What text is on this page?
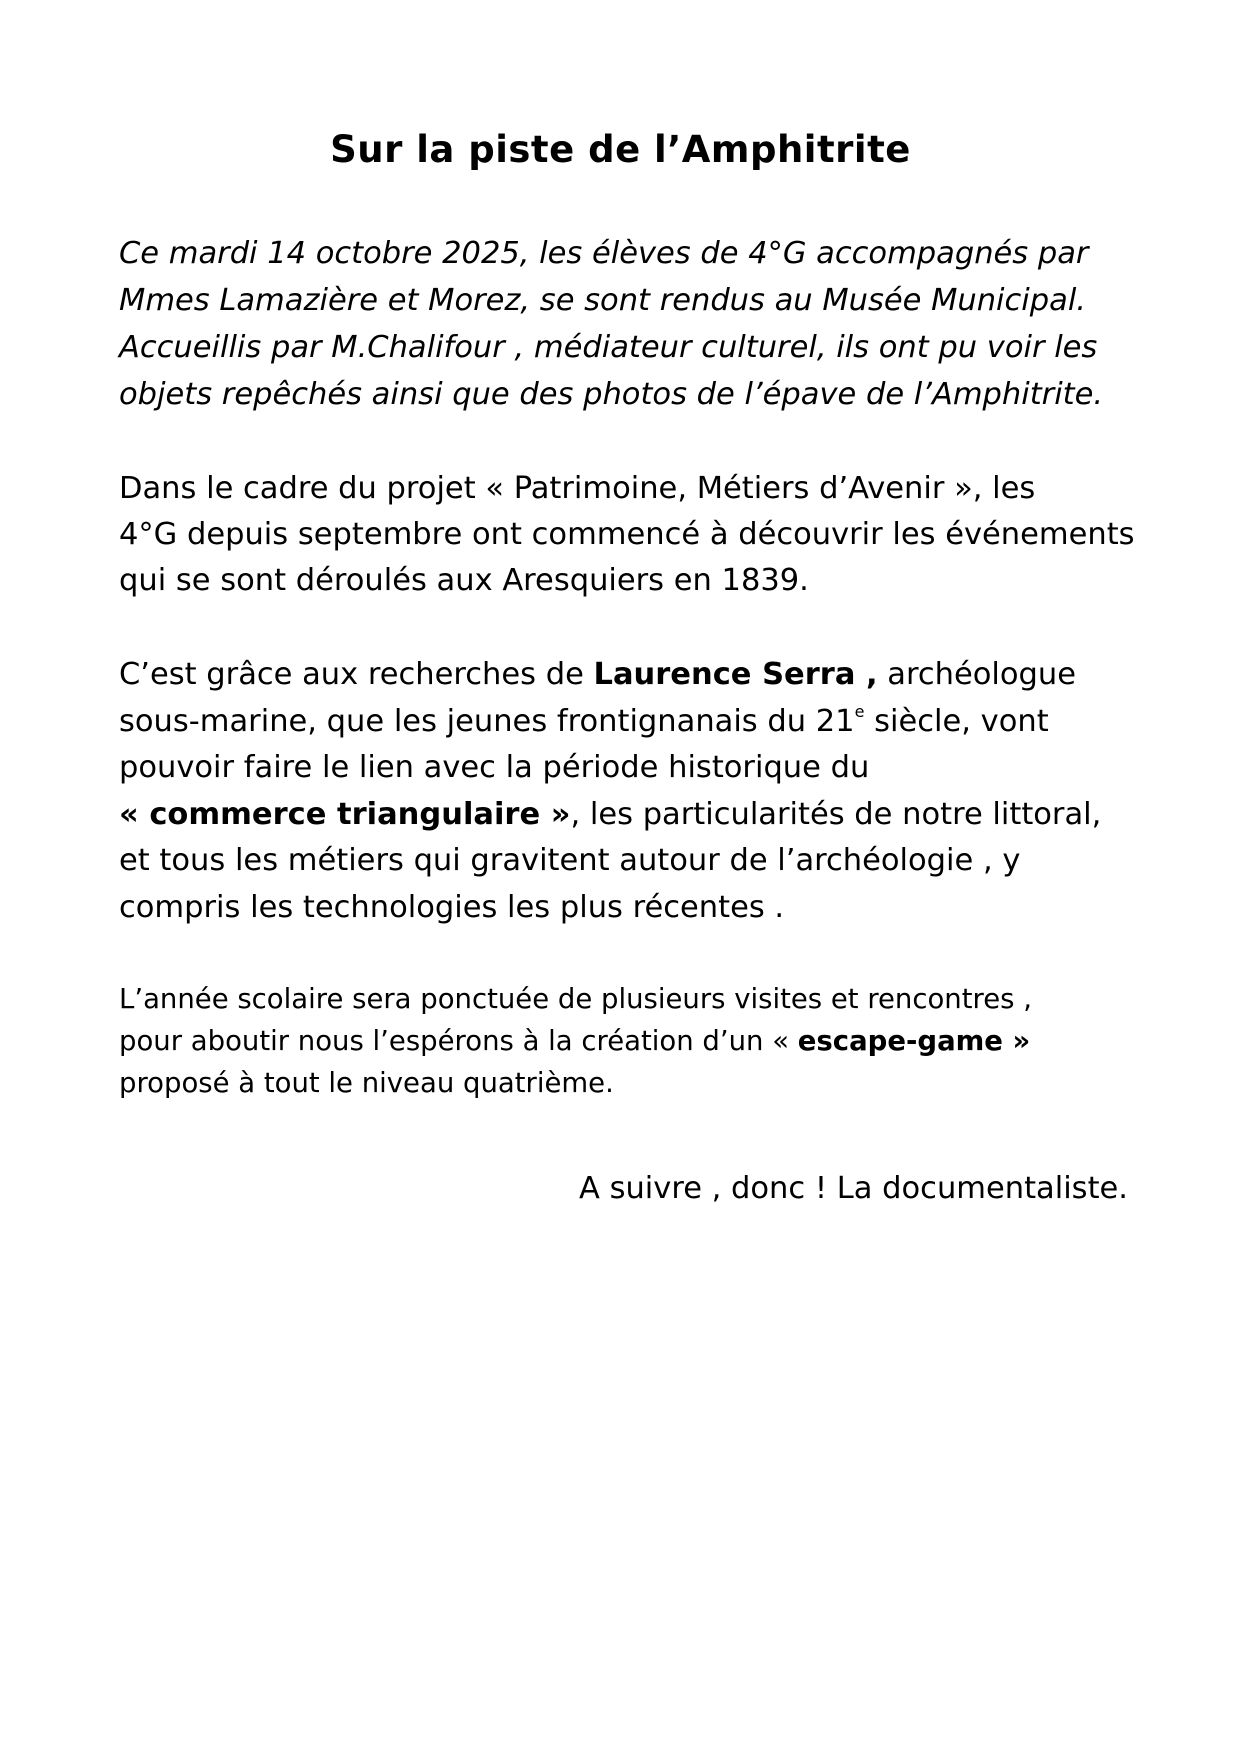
Sur la piste de l’Amphitrite

Ce mardi 14 octobre 2025, les élèves de 4°G accompagnés par
Mmes Lamazière et Morez, se sont rendus au Musée Municipal.
Accueillis par M.Chalifour , médiateur culturel, ils ont pu voir les
objets repêchés ainsi que des photos de l’épave de l’Amphitrite.

Dans le cadre du projet « Patrimoine, Métiers d’Avenir », les
4°G depuis septembre ont commencé à découvrir les événements
qui se sont déroulés aux Aresquiers en 1839.

C’est grâce aux recherches de Laurence Serra , archéologue
sous-marine, que les jeunes frontignanais du 21e siècle, vont
pouvoir faire le lien avec la période historique du
« commerce triangulaire », les particularités de notre littoral,
et tous les métiers qui gravitent autour de l’archéologie , y
compris les technologies les plus récentes .

L’année scolaire sera ponctuée de plusieurs visites et rencontres ,
pour aboutir nous l’espérons à la création d’un « escape-game »
proposé à tout le niveau quatrième.

A suivre , donc ! La documentaliste.
